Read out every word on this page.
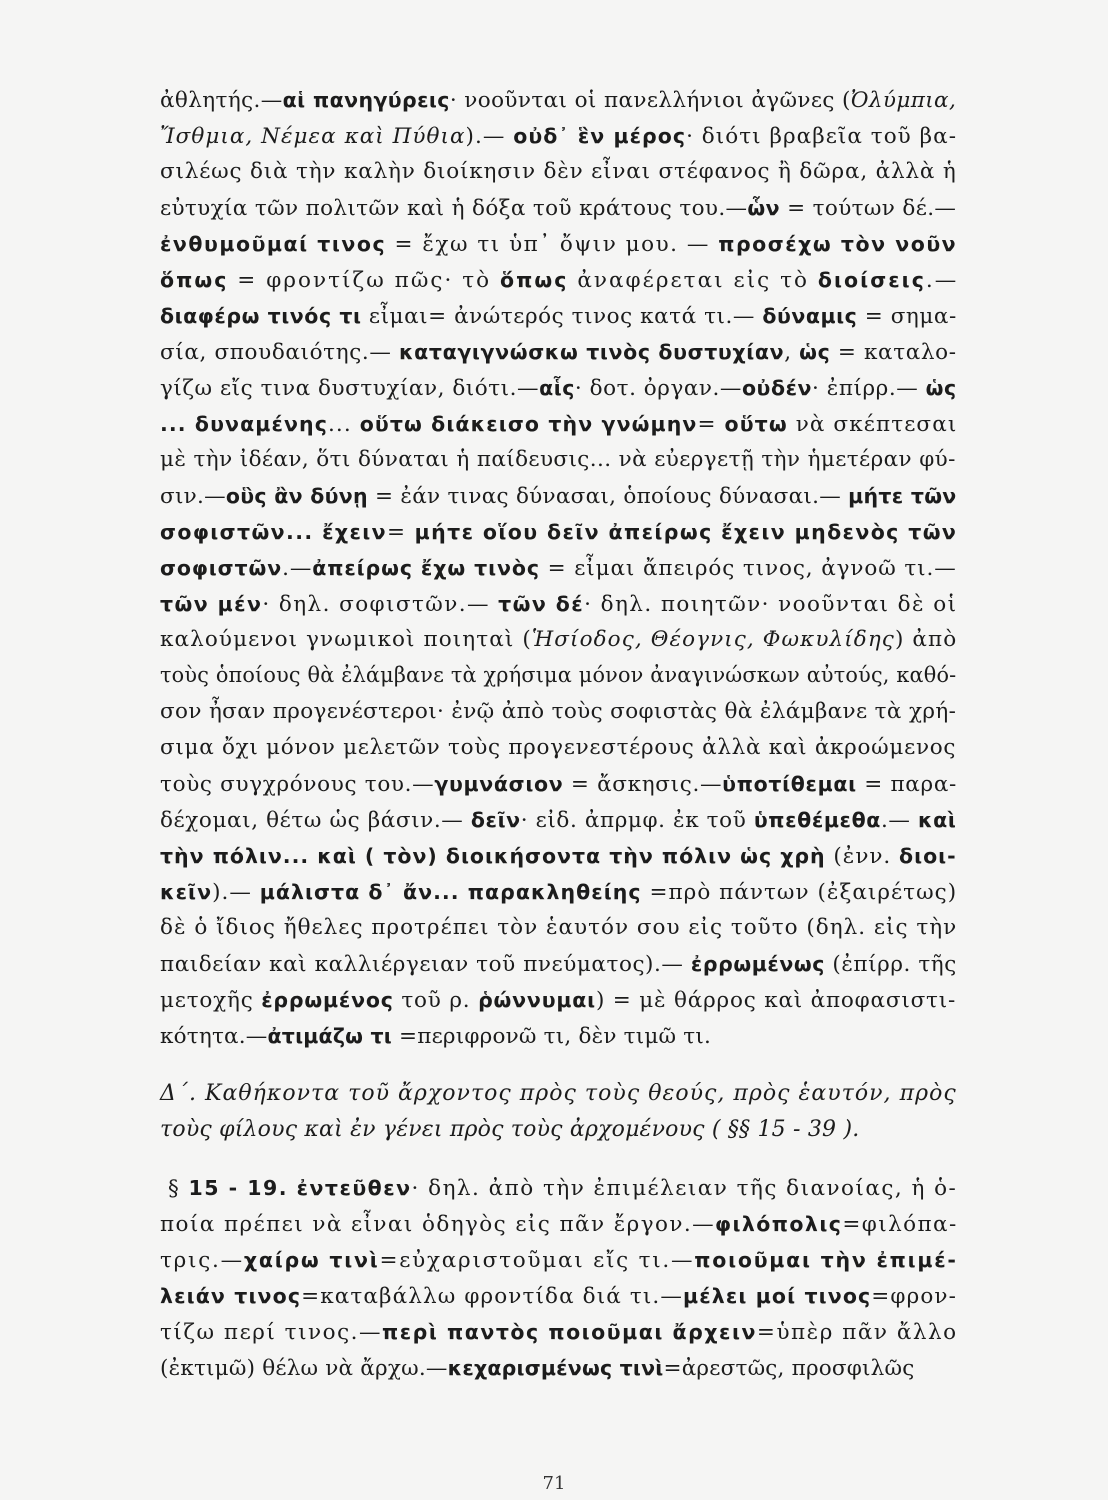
ἀθλητής.—αἱ πανηγύρεις· νοοῦνται οἱ πανελλήνιοι ἀγῶνες (Ὀλύμπια,
Ἴσθμια, Νέμεα καὶ Πύθια).— οὐδ᾽ ἓν μέρος· διότι βραβεῖα τοῦ βα-
σιλέως διὰ τὴν καλὴν διοίκησιν δὲν εἶναι στέφανος ἢ δῶρα, ἀλλὰ ἡ
εὐτυχία τῶν πολιτῶν καὶ ἡ δόξα τοῦ κράτους του.—ὧν = τούτων δέ.—
ἐνθυμοῦμαί τινος = ἔχω τι ὑπ᾽ ὄψιν μου. — προσέχω τὸν νοῦν
ὅπως = φροντίζω πῶς· τὸ ὅπως ἀναφέρεται εἰς τὸ διοίσεις.—
διαφέρω τινός τι εἶμαι= ἀνώτερός τινος κατά τι.— δύναμις = σημα-
σία, σπουδαιότης.— καταγιγνώσκω τινὸς δυστυχίαν, ὡς = καταλο-
γίζω εἴς τινα δυστυχίαν, διότι.—αἷς· δοτ. ὀργαν.—οὐδέν· ἐπίρρ.— ὡς
... δυναμένης... οὕτω διάκεισο τὴν γνώμην= οὕτω νὰ σκέπτεσαι
μὲ τὴν ἰδέαν, ὅτι δύναται ἡ παίδευσις... νὰ εὐεργετῇ τὴν ἡμετέραν φύ-
σιν.—οὓς ἂν δύνῃ = ἐάν τινας δύνασαι, ὁποίους δύνασαι.— μήτε τῶν
σοφιστῶν... ἔχειν= μήτε οἵου δεῖν ἀπείρως ἔχειν μηδενὸς τῶν
σοφιστῶν.—ἀπείρως ἔχω τινὸς = εἶμαι ἄπειρός τινος, ἀγνοῶ τι.—
τῶν μέν· δηλ. σοφιστῶν.— τῶν δέ· δηλ. ποιητῶν· νοοῦνται δὲ οἱ
καλούμενοι γνωμικοὶ ποιηταὶ (Ἡσίοδος, Θέογνις, Φωκυλίδης) ἀπὸ
τοὺς ὁποίους θὰ ἐλάμβανε τὰ χρήσιμα μόνον ἀναγινώσκων αὐτούς, καθό-
σον ἦσαν προγενέστεροι· ἐνῷ ἀπὸ τοὺς σοφιστὰς θὰ ἐλάμβανε τὰ χρή-
σιμα ὄχι μόνον μελετῶν τοὺς προγενεστέρους ἀλλὰ καὶ ἀκροώμενος
τοὺς συγχρόνους του.—γυμνάσιον = ἄσκησις.—ὑποτίθεμαι = παρα-
δέχομαι, θέτω ὡς βάσιν.— δεῖν· εἰδ. ἀπρμφ. ἐκ τοῦ ὑπεθέμεθα.— καὶ
τὴν πόλιν... καὶ ( τὸν) διοικήσοντα τὴν πόλιν ὡς χρὴ (ἐνν. διοι-
κεῖν).— μάλιστα δ᾽ ἄν... παρακληθείης =πρὸ πάντων (ἐξαιρέτως)
δὲ ὁ ἴδιος ἤθελες προτρέπει τὸν ἑαυτόν σου εἰς τοῦτο (δηλ. εἰς τὴν
παιδείαν καὶ καλλιέργειαν τοῦ πνεύματος).— ἐρρωμένως (ἐπίρρ. τῆς
μετοχῆς ἐρρωμένος τοῦ ρ. ῥώννυμαι) = μὲ θάρρος καὶ ἀποφασιστι-
κότητα.—ἀτιμάζω τι =περιφρονῶ τι, δὲν τιμῶ τι.
Δ΄. Καθήκοντα τοῦ ἄρχοντος πρὸς τοὺς θεούς, πρὸς ἑαυτόν, πρὸς
τοὺς φίλους καὶ ἐν γένει πρὸς τοὺς ἀρχομένους ( §§ 15 - 39 ).
§ 15 - 19. ἐντεῦθεν· δηλ. ἀπὸ τὴν ἐπιμέλειαν τῆς διανοίας, ἡ ὁ-
ποία πρέπει νὰ εἶναι ὁδηγὸς εἰς πᾶν ἔργον.—φιλόπολις=φιλόπα-
τρις.—χαίρω τινὶ=εὐχαριστοῦμαι εἴς τι.—ποιοῦμαι τὴν ἐπιμέ-
λειάν τινος=καταβάλλω φροντίδα διά τι.—μέλει μοί τινος=φρον-
τίζω περί τινος.—περὶ παντὸς ποιοῦμαι ἄρχειν=ὑπὲρ πᾶν ἄλλο
(ἐκτιμῶ) θέλω νὰ ἄρχω.—κεχαρισμένως τινὶ=ἀρεστῶς, προσφιλῶς
71
